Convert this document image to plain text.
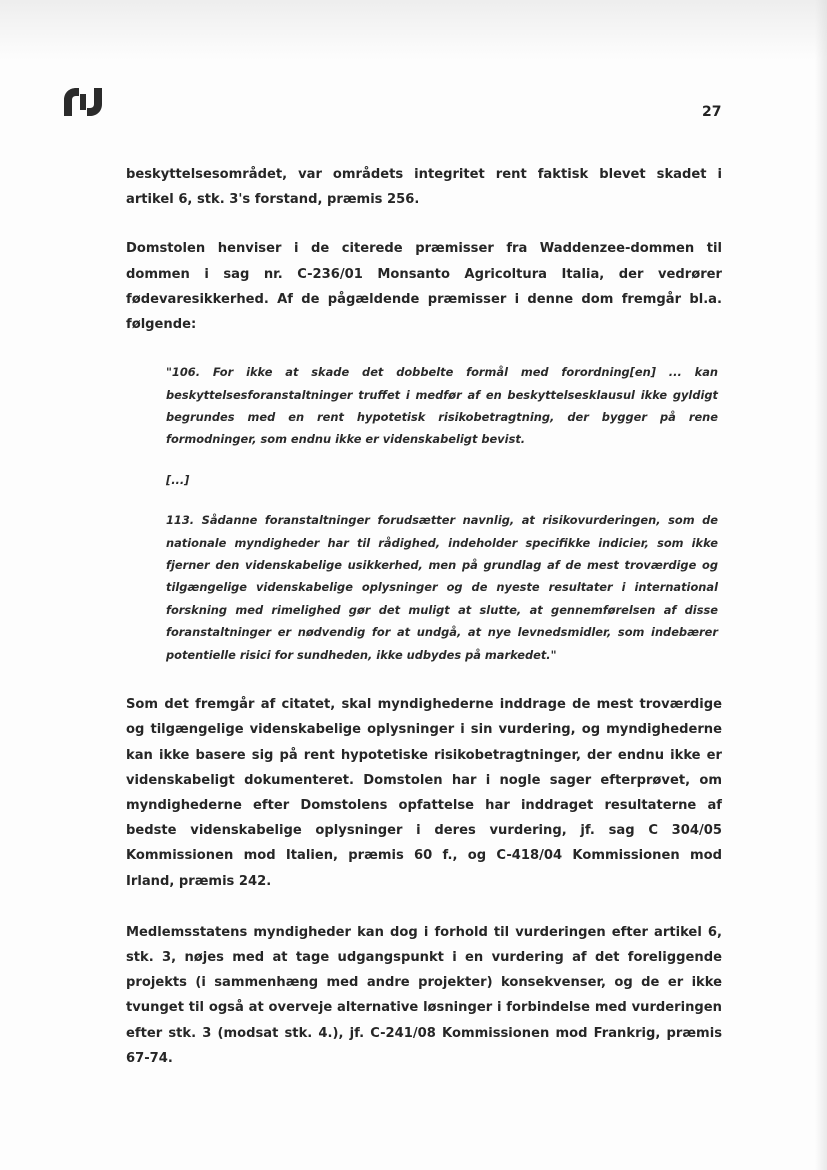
27

beskyttelsesområdet, var områdets integritet rent faktisk blevet skadet i artikel 6, stk. 3's forstand, præmis 256.

Domstolen henviser i de citerede præmisser fra Waddenzee-dommen til dommen i sag nr. C-236/01 Monsanto Agricoltura Italia, der vedrører fødevaresikkerhed. Af de pågældende præmisser i denne dom fremgår bl.a. følgende:

"106. For ikke at skade det dobbelte formål med forordning[en] ... kan beskyttelsesforanstaltninger truffet i medfør af en beskyttelsesklausul ikke gyldigt begrundes med en rent hypotetisk risikobetragtning, der bygger på rene formodninger, som endnu ikke er videnskabeligt bevist.

[...]

113. Sådanne foranstaltninger forudsætter navnlig, at risikovurderingen, som de nationale myndigheder har til rådighed, indeholder specifikke indicier, som ikke fjerner den videnskabelige usikkerhed, men på grundlag af de mest troværdige og tilgængelige videnskabelige oplysninger og de nyeste resultater i international forskning med rimelighed gør det muligt at slutte, at gennemførelsen af disse foranstaltninger er nødvendig for at undgå, at nye levnedsmidler, som indebærer potentielle risici for sundheden, ikke udbydes på markedet."

Som det fremgår af citatet, skal myndighederne inddrage de mest troværdige og tilgængelige videnskabelige oplysninger i sin vurdering, og myndighederne kan ikke basere sig på rent hypotetiske risikobetragtninger, der endnu ikke er videnskabeligt dokumenteret. Domstolen har i nogle sager efterprøvet, om myndighederne efter Domstolens opfattelse har inddraget resultaterne af bedste videnskabelige oplysninger i deres vurdering, jf. sag C 304/05 Kommissionen mod Italien, præmis 60 f., og C-418/04 Kommissionen mod Irland, præmis 242.

Medlemsstatens myndigheder kan dog i forhold til vurderingen efter artikel 6, stk. 3, nøjes med at tage udgangspunkt i en vurdering af det foreliggende projekts (i sammenhæng med andre projekter) konsekvenser, og de er ikke tvunget til også at overveje alternative løsninger i forbindelse med vurderingen efter stk. 3 (modsat stk. 4.), jf. C-241/08 Kommissionen mod Frankrig, præmis 67-74.
